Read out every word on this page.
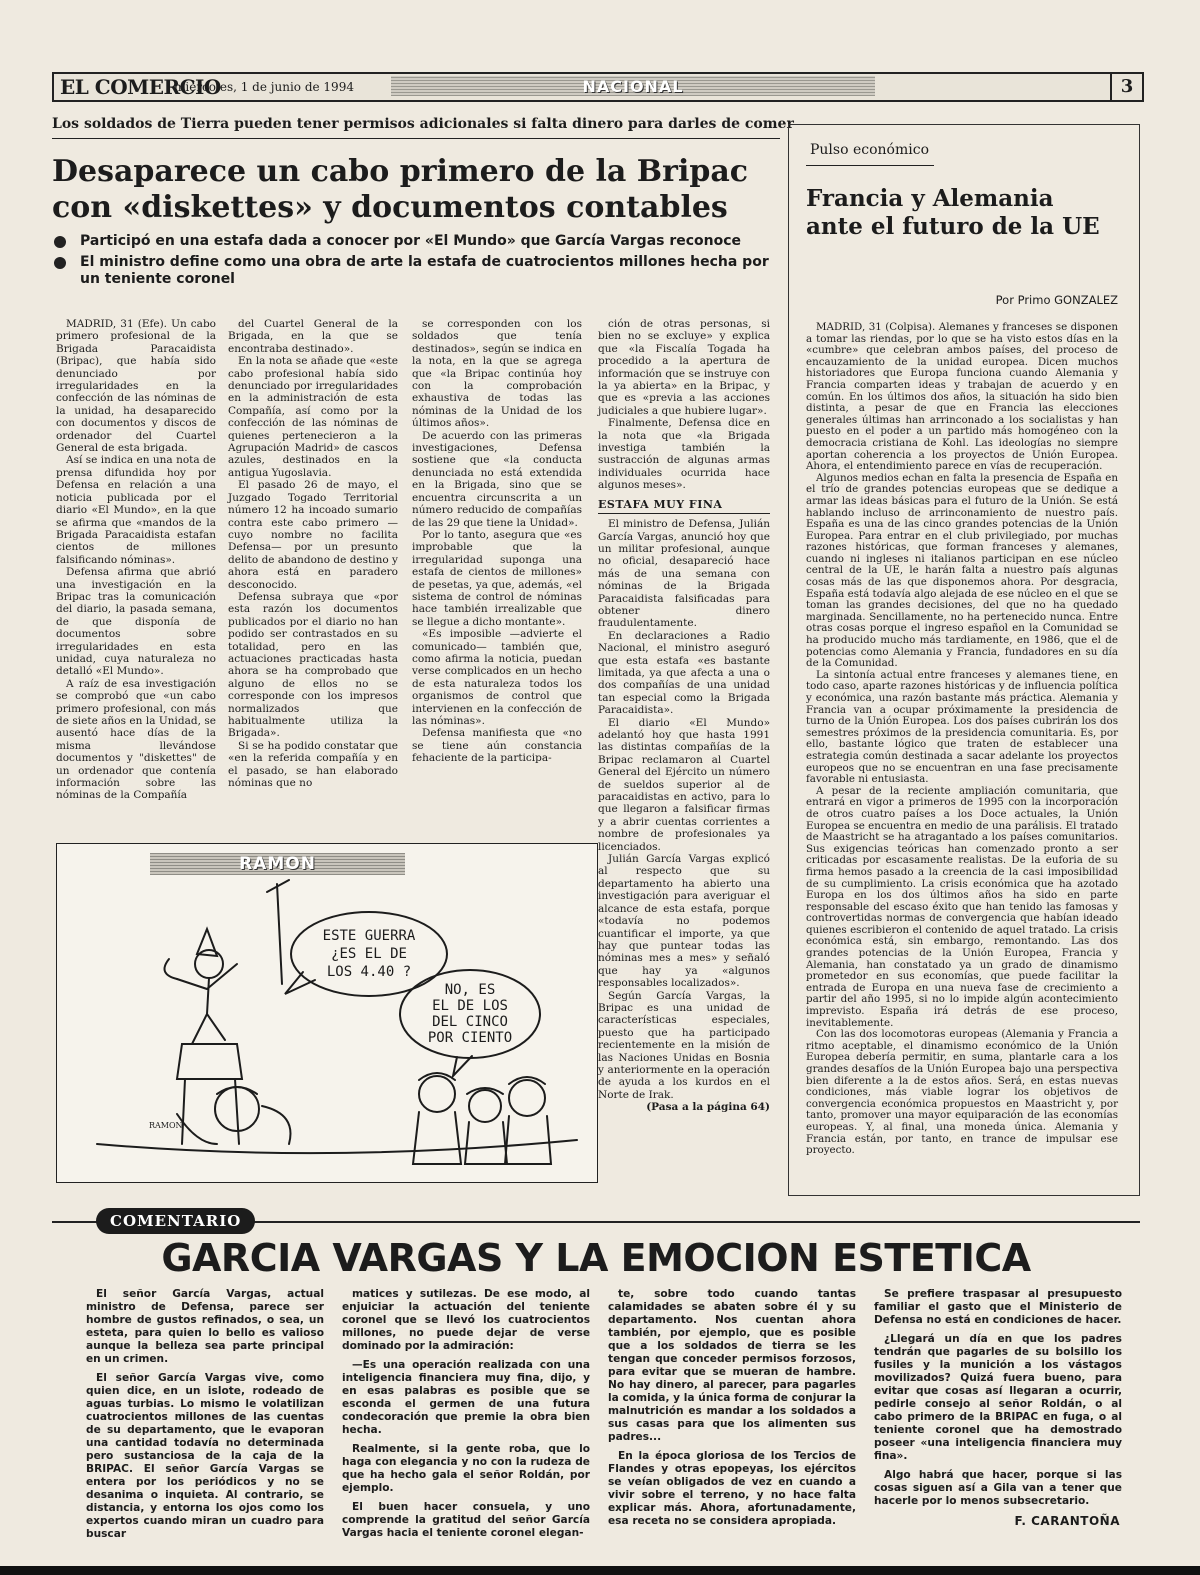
EL COMERCIO
miércoles, 1 de junio de 1994	NACIONAL	3
Los soldados de Tierra pueden tener permisos adicionales si falta dinero para darles de comer
Desaparece un cabo primero de la Bripac con «diskettes» y documentos contables
Participó en una estafa dada a conocer por «El Mundo» que García Vargas reconoce
El ministro define como una obra de arte la estafa de cuatrocientos millones hecha por un teniente coronel

MADRID, 31 (Efe). Un cabo primero profesional de la Brigada Paracaidista (Bripac), que había sido denunciado por irregularidades en la confección de las nóminas de la unidad, ha desaparecido con documentos y discos de ordenador del Cuartel General de esta brigada.

Así se indica en una nota de prensa difundida hoy por Defensa en relación a una noticia publicada por el diario «El Mundo», en la que se afirma que «mandos de la Brigada Paracaidista estafan cientos de millones falsificando nóminas».

Defensa afirma que abrió una investigación en la Bripac tras la comunicación del diario, la pasada semana, de que disponía de documentos sobre irregularidades en esta unidad, cuya naturaleza no detalló «El Mundo».

A raíz de esa investigación se comprobó que «un cabo primero profesional, con más de siete años en la Unidad, se ausentó hace días de la misma llevándose documentos y "diskettes" de un ordenador que contenía información sobre las nóminas de la Compañía

del Cuartel General de la Brigada, en la que se encontraba destinado».

En la nota se añade que «este cabo profesional había sido denunciado por irregularidades en la administración de esta Compañía, así como por la confección de las nóminas de quienes pertenecieron a la Agrupación Madrid» de cascos azules, destinados en la antigua Yugoslavia.

El pasado 26 de mayo, el Juzgado Togado Territorial número 12 ha incoado sumario contra este cabo primero —cuyo nombre no facilita Defensa— por un presunto delito de abandono de destino y ahora está en paradero desconocido.

Defensa subraya que «por esta razón los documentos publicados por el diario no han podido ser contrastados en su totalidad, pero en las actuaciones practicadas hasta ahora se ha comprobado que alguno de ellos no se corresponde con los impresos normalizados que habitualmente utiliza la Brigada».

Si se ha podido constatar que «en la referida compañía y en el pasado, se han elaborado nóminas que no

se corresponden con los soldados que tenía destinados», según se indica en la nota, en la que se agrega que «la Bripac continúa hoy con la comprobación exhaustiva de todas las nóminas de la Unidad de los últimos años».

De acuerdo con las primeras investigaciones, Defensa sostiene que «la conducta denunciada no está extendida en la Brigada, sino que se encuentra circunscrita a un número reducido de compañías de las 29 que tiene la Unidad».

Por lo tanto, asegura que «es improbable que la irregularidad suponga una estafa de cientos de millones» de pesetas, ya que, además, «el sistema de control de nóminas hace también irrealizable que se llegue a dicho montante».

«Es imposible —advierte el comunicado— también que, como afirma la noticia, puedan verse complicados en un hecho de esta naturaleza todos los organismos de control que intervienen en la confección de las nóminas».

Defensa manifiesta que «no se tiene aún constancia fehaciente de la participa-

ción de otras personas, si bien no se excluye» y explica que «la Fiscalía Togada ha procedido a la apertura de información que se instruye con la ya abierta» en la Bripac, y que es «previa a las acciones judiciales a que hubiere lugar».

Finalmente, Defensa dice en la nota que «la Brigada investiga también la sustracción de algunas armas individuales ocurrida hace algunos meses».

ESTAFA MUY FINA

El ministro de Defensa, Julián García Vargas, anunció hoy que un militar profesional, aunque no oficial, desapareció hace más de una semana con nóminas de la Brigada Paracaidista falsificadas para obtener dinero fraudulentamente.

En declaraciones a Radio Nacional, el ministro aseguró que esta estafa «es bastante limitada, ya que afecta a una o dos compañías de una unidad tan especial como la Brigada Paracaidista».

El diario «El Mundo» adelantó hoy que hasta 1991 las distintas compañías de la Bripac reclamaron al Cuartel General del Ejército un número de sueldos superior al de paracaidistas en activo, para lo que llegaron a falsificar firmas y a abrir cuentas corrientes a nombre de profesionales ya licenciados.

Julián García Vargas explicó al respecto que su departamento ha abierto una investigación para averiguar el alcance de esta estafa, porque «todavía no podemos cuantificar el importe, ya que hay que puntear todas las nóminas mes a mes» y señaló que hay ya «algunos responsables localizados».

Según García Vargas, la Bripac es una unidad de características especiales, puesto que ha participado recientemente en la misión de las Naciones Unidas en Bosnia y anteriormente en la operación de ayuda a los kurdos en el Norte de Irak.

(Pasa a la página 64)

ESTE GUERRA
¿ES EL DE
LOS 4.40 ?
NO, ES
EL DE LOS
DEL CINCO
POR CIENTO
RAMON
RAMON
Pulso económico
Francia y Alemania ante el futuro de la UE
Por Primo GONZALEZ

MADRID, 31 (Colpisa). Alemanes y franceses se disponen a tomar las riendas, por lo que se ha visto estos días en la «cumbre» que celebran ambos países, del proceso de encauzamiento de la unidad europea. Dicen muchos historiadores que Europa funciona cuando Alemania y Francia comparten ideas y trabajan de acuerdo y en común. En los últimos dos años, la situación ha sido bien distinta, a pesar de que en Francia las elecciones generales últimas han arrinconado a los socialistas y han puesto en el poder a un partido más homogéneo con la democracia cristiana de Kohl. Las ideologías no siempre aportan coherencia a los proyectos de Unión Europea. Ahora, el entendimiento parece en vías de recuperación.

Algunos medios echan en falta la presencia de España en el trío de grandes potencias europeas que se dedique a armar las ideas básicas para el futuro de la Unión. Se está hablando incluso de arrinconamiento de nuestro país. España es una de las cinco grandes potencias de la Unión Europea. Para entrar en el club privilegiado, por muchas razones históricas, que forman franceses y alemanes, cuando ni ingleses ni italianos participan en ese núcleo central de la UE, le harán falta a nuestro país algunas cosas más de las que disponemos ahora. Por desgracia, España está todavía algo alejada de ese núcleo en el que se toman las grandes decisiones, del que no ha quedado marginada. Sencillamente, no ha pertenecido nunca. Entre otras cosas porque el ingreso español en la Comunidad se ha producido mucho más tardiamente, en 1986, que el de potencias como Alemania y Francia, fundadores en su día de la Comunidad.

La sintonía actual entre franceses y alemanes tiene, en todo caso, aparte razones históricas y de influencia política y económica, una razón bastante más práctica. Alemania y Francia van a ocupar próximamente la presidencia de turno de la Unión Europea. Los dos países cubrirán los dos semestres próximos de la presidencia comunitaria. Es, por ello, bastante lógico que traten de establecer una estrategia común destinada a sacar adelante los proyectos europeos que no se encuentran en una fase precisamente favorable ni entusiasta.

A pesar de la reciente ampliación comunitaria, que entrará en vigor a primeros de 1995 con la incorporación de otros cuatro países a los Doce actuales, la Unión Europea se encuentra en medio de una parálisis. El tratado de Maastricht se ha atragantado a los países comunitarios. Sus exigencias teóricas han comenzado pronto a ser criticadas por escasamente realistas. De la euforia de su firma hemos pasado a la creencia de la casi imposibilidad de su cumplimiento. La crisis económica que ha azotado Europa en los dos últimos años ha sido en parte responsable del escaso éxito que han tenido las famosas y controvertidas normas de convergencia que habían ideado quienes escribieron el contenido de aquel tratado. La crisis económica está, sin embargo, remontando. Las dos grandes potencias de la Unión Europea, Francia y Alemania, han constatado ya un grado de dinamismo prometedor en sus economías, que puede facilitar la entrada de Europa en una nueva fase de crecimiento a partir del año 1995, si no lo impide algún acontecimiento imprevisto. España irá detrás de ese proceso, inevitablemente.

Con las dos locomotoras europeas (Alemania y Francia a ritmo aceptable, el dinamismo económico de la Unión Europea debería permitir, en suma, plantarle cara a los grandes desafíos de la Unión Europea bajo una perspectiva bien diferente a la de estos años. Será, en estas nuevas condiciones, más viable lograr los objetivos de convergencia económica propuestos en Maastricht y, por tanto, promover una mayor equiparación de las economías europeas. Y, al final, una moneda única. Alemania y Francia están, por tanto, en trance de impulsar ese proyecto.

COMENTARIO
GARCIA VARGAS Y LA EMOCION ESTETICA

El señor García Vargas, actual ministro de Defensa, parece ser hombre de gustos refinados, o sea, un esteta, para quien lo bello es valioso aunque la belleza sea parte principal en un crimen.

El señor García Vargas vive, como quien dice, en un islote, rodeado de aguas turbias. Lo mismo le volatilizan cuatrocientos millones de las cuentas de su departamento, que le evaporan una cantidad todavía no determinada pero sustanciosa de la caja de la BRIPAC. El señor García Vargas se entera por los periódicos y no se desanima o inquieta. Al contrario, se distancia, y entorna los ojos como los expertos cuando miran un cuadro para buscar

matices y sutilezas. De ese modo, al enjuiciar la actuación del teniente coronel que se llevó los cuatrocientos millones, no puede dejar de verse dominado por la admiración:

—Es una operación realizada con una inteligencia financiera muy fina, dijo, y en esas palabras es posible que se esconda el germen de una futura condecoración que premie la obra bien hecha.

Realmente, si la gente roba, que lo haga con elegancia y no con la rudeza de que ha hecho gala el señor Roldán, por ejemplo.

El buen hacer consuela, y uno comprende la gratitud del señor García Vargas hacia el teniente coronel elegan-

te, sobre todo cuando tantas calamidades se abaten sobre él y su departamento. Nos cuentan ahora también, por ejemplo, que es posible que a los soldados de tierra se les tengan que conceder permisos forzosos, para evitar que se mueran de hambre. No hay dinero, al parecer, para pagarles la comida, y la única forma de conjurar la malnutrición es mandar a los soldados a sus casas para que los alimenten sus padres...

En la época gloriosa de los Tercios de Flandes y otras epopeyas, los ejércitos se veían obligados de vez en cuando a vivir sobre el terreno, y no hace falta explicar más. Ahora, afortunadamente, esa receta no se considera apropiada.

Se prefiere traspasar al presupuesto familiar el gasto que el Ministerio de Defensa no está en condiciones de hacer.

¿Llegará un día en que los padres tendrán que pagarles de su bolsillo los fusiles y la munición a los vástagos movilizados? Quizá fuera bueno, para evitar que cosas así llegaran a ocurrir, pedirle consejo al señor Roldán, o al cabo primero de la BRIPAC en fuga, o al teniente coronel que ha demostrado poseer «una inteligencia financiera muy fina».

Algo habrá que hacer, porque si las cosas siguen así a Gila van a tener que hacerle por lo menos subsecretario.

F. CARANTOÑA
